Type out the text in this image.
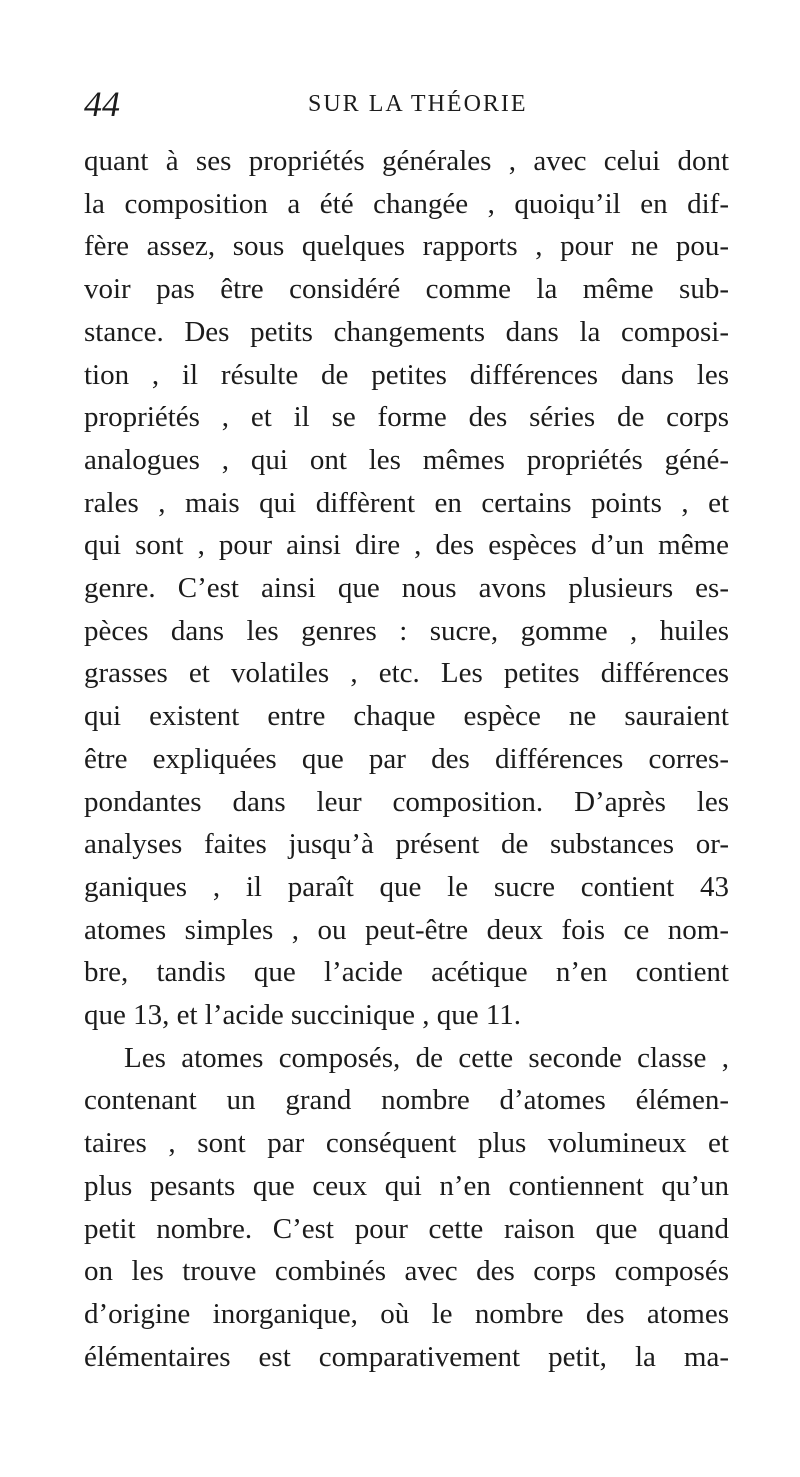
44	SUR LA THÉORIE
quant à ses propriétés générales , avec celui dont
la composition a été changée , quoiqu’il en dif-
fère assez, sous quelques rapports , pour ne pou-
voir pas être considéré comme la même sub-
stance. Des petits changements dans la composi-
tion , il résulte de petites différences dans les
propriétés , et il se forme des séries de corps
analogues , qui ont les mêmes propriétés géné-
rales , mais qui diffèrent en certains points , et
qui sont , pour ainsi dire , des espèces d’un même
genre. C’est ainsi que nous avons plusieurs es-
pèces dans les genres : sucre, gomme , huiles
grasses et volatiles , etc. Les petites différences
qui existent entre chaque espèce ne sauraient
être expliquées que par des différences corres-
pondantes dans leur composition. D’après les
analyses faites jusqu’à présent de substances or-
ganiques , il paraît que le sucre contient 43
atomes simples , ou peut-être deux fois ce nom-
bre, tandis que l’acide acétique n’en contient
que 13, et l’acide succinique , que 11.
Les atomes composés, de cette seconde classe ,
contenant un grand nombre d’atomes élémen-
taires , sont par conséquent plus volumineux et
plus pesants que ceux qui n’en contiennent qu’un
petit nombre. C’est pour cette raison que quand
on les trouve combinés avec des corps composés
d’origine inorganique, où le nombre des atomes
élémentaires est comparativement petit, la ma-
